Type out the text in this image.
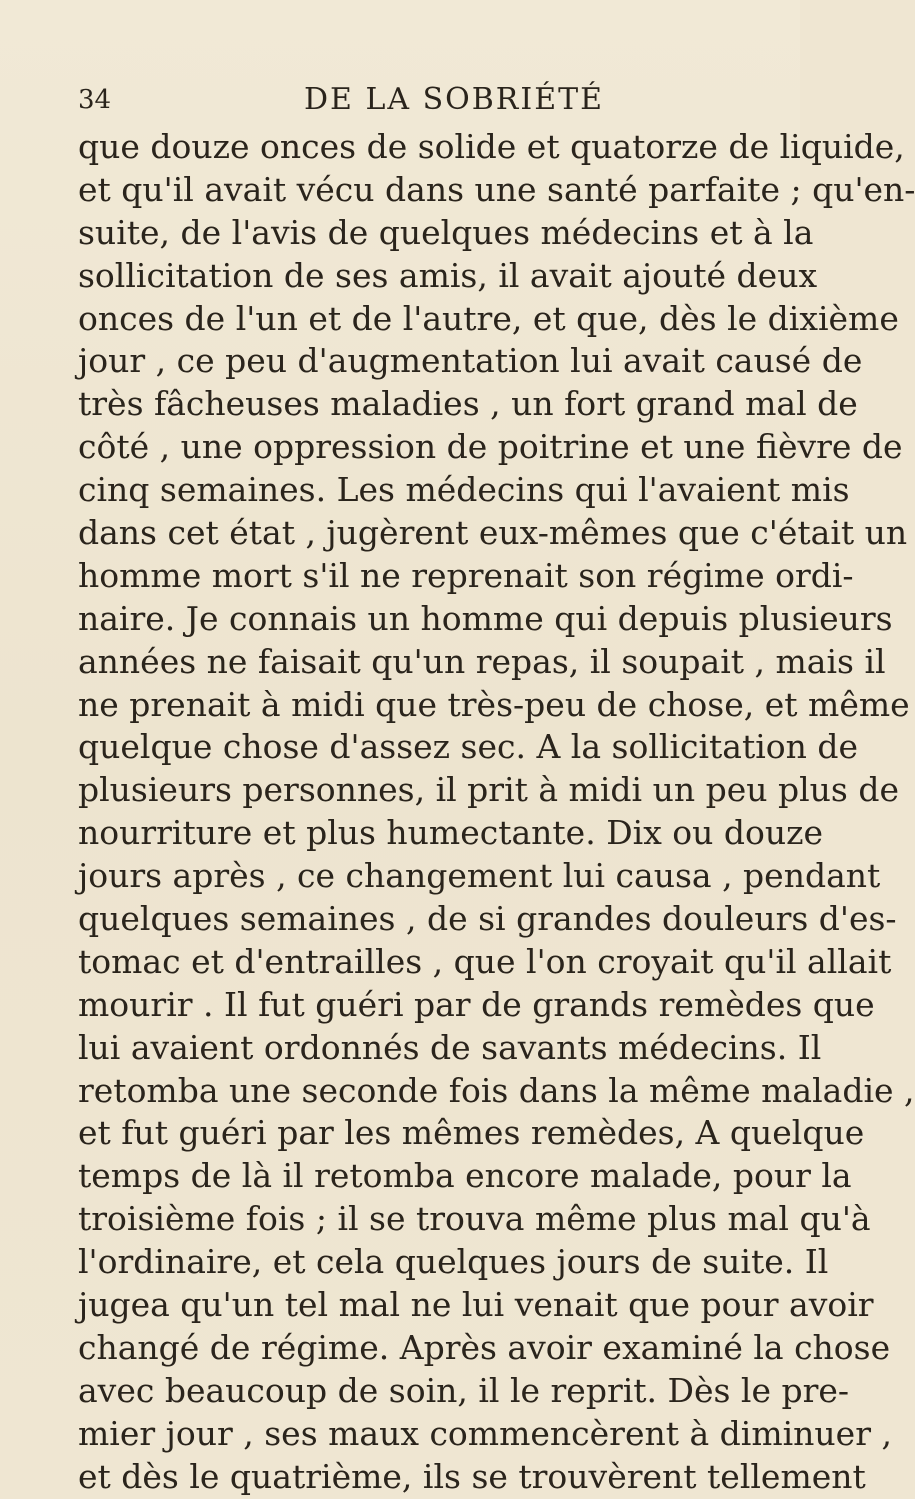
34	DE LA SOBRIÉTÉ
que douze onces de solide et quatorze de liquide,
et qu'il avait vécu dans une santé parfaite ; qu'en-
suite, de l'avis de quelques médecins et à la
sollicitation de ses amis, il avait ajouté deux
onces de l'un et de l'autre, et que, dès le dixième
jour , ce peu d'augmentation lui avait causé de
très fâcheuses maladies , un fort grand mal de
côté , une oppression de poitrine et une fièvre de
cinq semaines. Les médecins qui l'avaient mis
dans cet état , jugèrent eux-mêmes que c'était un
homme mort s'il ne reprenait son régime ordi-
naire. Je connais un homme qui depuis plusieurs
années ne faisait qu'un repas, il soupait , mais il
ne prenait à midi que très-peu de chose, et même
quelque chose d'assez sec. A la sollicitation de
plusieurs personnes, il prit à midi un peu plus de
nourriture et plus humectante. Dix ou douze
jours après , ce changement lui causa , pendant
quelques semaines , de si grandes douleurs d'es-
tomac et d'entrailles , que l'on croyait qu'il allait
mourir . Il fut guéri par de grands remèdes que
lui avaient ordonnés de savants médecins. Il
retomba une seconde fois dans la même maladie ,
et fut guéri par les mêmes remèdes, A quelque
temps de là il retomba encore malade, pour la
troisième fois ; il se trouva même plus mal qu'à
l'ordinaire, et cela quelques jours de suite. Il
jugea qu'un tel mal ne lui venait que pour avoir
changé de régime. Après avoir examiné la chose
avec beaucoup de soin, il le reprit. Dès le pre-
mier jour , ses maux commencèrent à diminuer ,
et dès le quatrième, ils se trouvèrent tellement
